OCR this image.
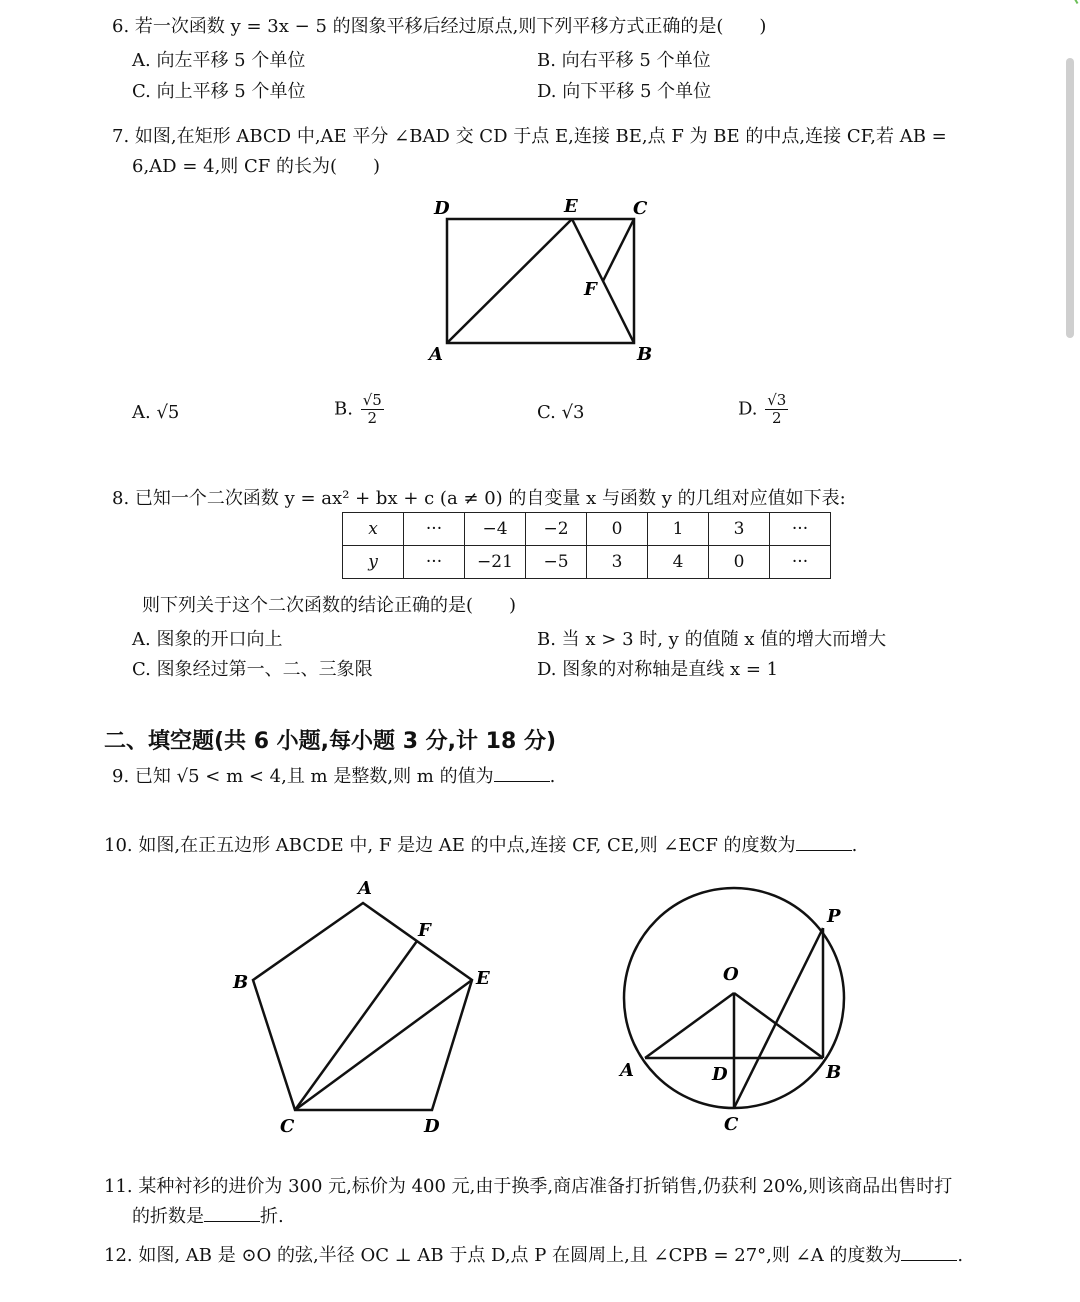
6. 若一次函数 y = 3x − 5 的图象平移后经过原点,则下列平移方式正确的是(　　)
A. 向左平移 5 个单位	B. 向右平移 5 个单位
C. 向上平移 5 个单位	D. 向下平移 5 个单位
7. 如图,在矩形 ABCD 中,AE 平分 ∠BAD 交 CD 于点 E,连接 BE,点 F 为 BE 的中点,连接 CF,若 AB =
6,AD = 4,则 CF 的长为(　　)
D	E	C
F
A	B
A. √5	B. $\frac{√5}{2}$	C. √3	D. $\frac{√3}{2}$
8. 已知一个二次函数 y = ax² + bx + c (a ≠ 0) 的自变量 x 与函数 y 的几组对应值如下表:
x	···	−4	−2	0	1	3	···
y	···	−21	−5	3	4	0	···
则下列关于这个二次函数的结论正确的是(　　)
A. 图象的开口向上	B. 当 x > 3 时, y 的值随 x 值的增大而增大
C. 图象经过第一、二、三象限	D. 图象的对称轴是直线 x = 1
二、填空题(共 6 小题,每小题 3 分,计 18 分)
9. 已知 √5 < m < 4,且 m 是整数,则 m 的值为	.
10. 如图,在正五边形 ABCDE 中, F 是边 AE 的中点,连接 CF, CE,则 ∠ECF 的度数为	.
A
F
E
B
C	D
P
O
A	D	B
C
11. 某种衬衫的进价为 300 元,标价为 400 元,由于换季,商店准备打折销售,仍获利 20%,则该商品出售时打
的折数是	折.
12. 如图, AB 是 ⊙O 的弦,半径 OC ⊥ AB 于点 D,点 P 在圆周上,且 ∠CPB = 27°,则 ∠A 的度数为	.
